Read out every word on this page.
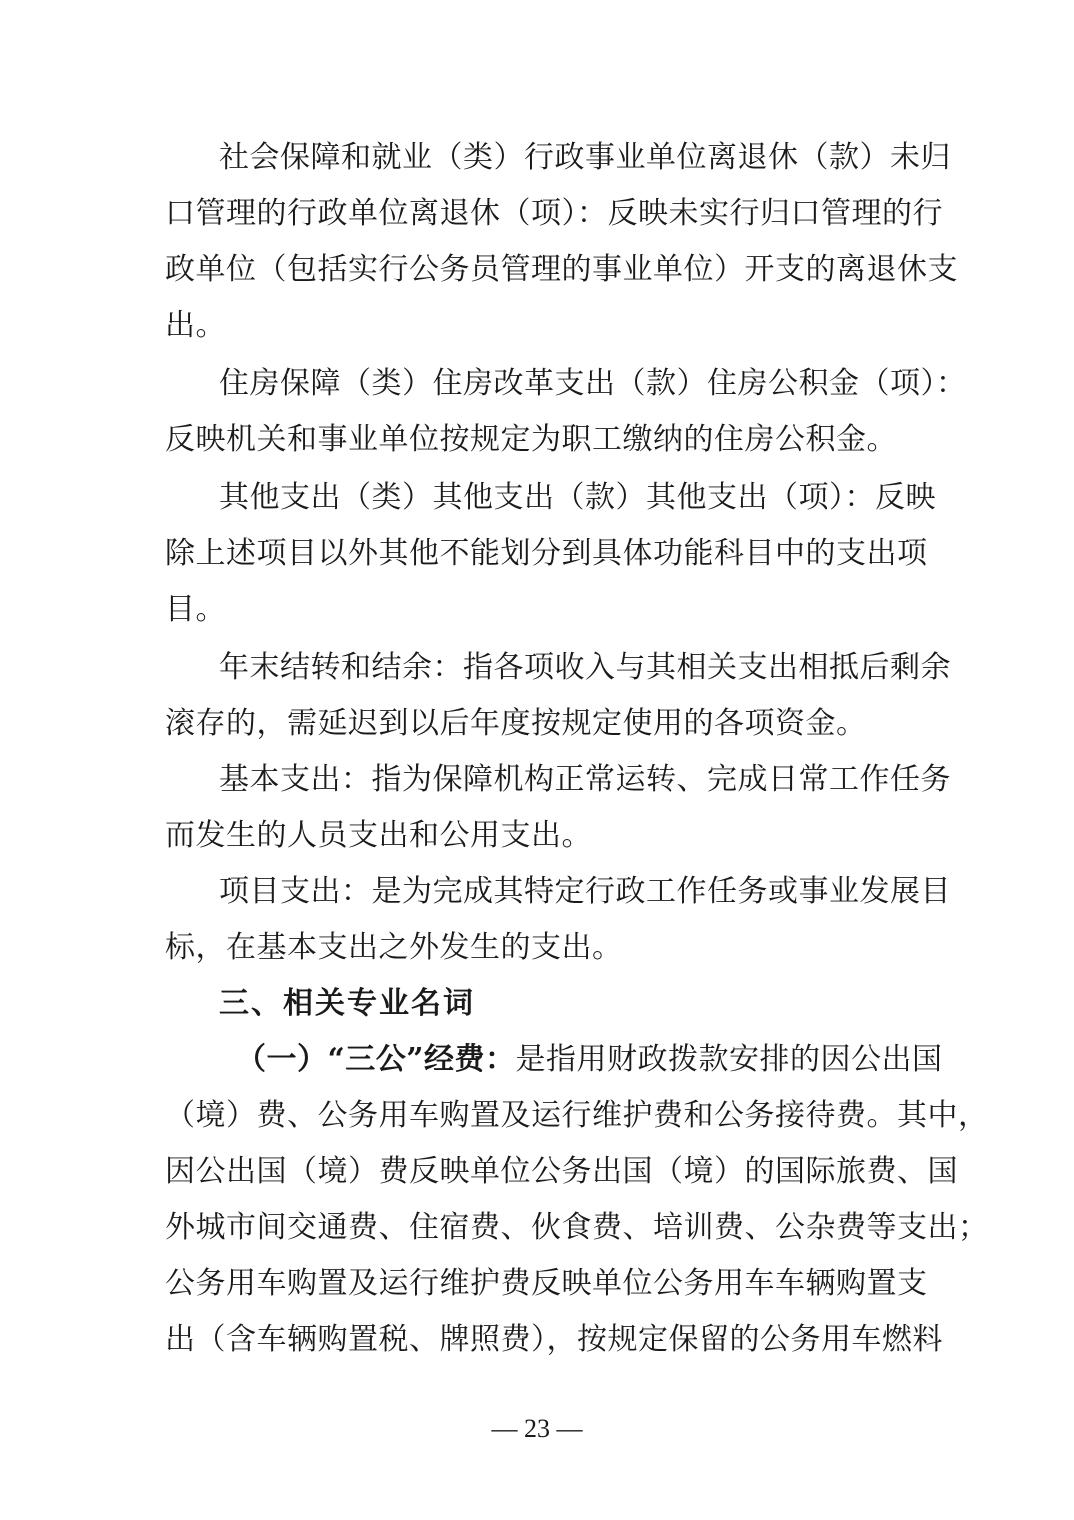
社会保障和就业（类）行政事业单位离退休（款）未归
口管理的行政单位离退休（项）：反映未实行归口管理的行
政单位（包括实行公务员管理的事业单位）开支的离退休支
出。
住房保障（类）住房改革支出（款）住房公积金（项）：
反映机关和事业单位按规定为职工缴纳的住房公积金。
其他支出（类）其他支出（款）其他支出（项）：反映
除上述项目以外其他不能划分到具体功能科目中的支出项
目。
年末结转和结余：指各项收入与其相关支出相抵后剩余
滚存的，需延迟到以后年度按规定使用的各项资金。
基本支出：指为保障机构正常运转、完成日常工作任务
而发生的人员支出和公用支出。
项目支出：是为完成其特定行政工作任务或事业发展目
标，在基本支出之外发生的支出。
三、相关专业名词
（一）“三公”经费：是指用财政拨款安排的因公出国
（境）费、公务用车购置及运行维护费和公务接待费。其中，
因公出国（境）费反映单位公务出国（境）的国际旅费、国
外城市间交通费、住宿费、伙食费、培训费、公杂费等支出；
公务用车购置及运行维护费反映单位公务用车车辆购置支
出（含车辆购置税、牌照费），按规定保留的公务用车燃料
— 23 —
